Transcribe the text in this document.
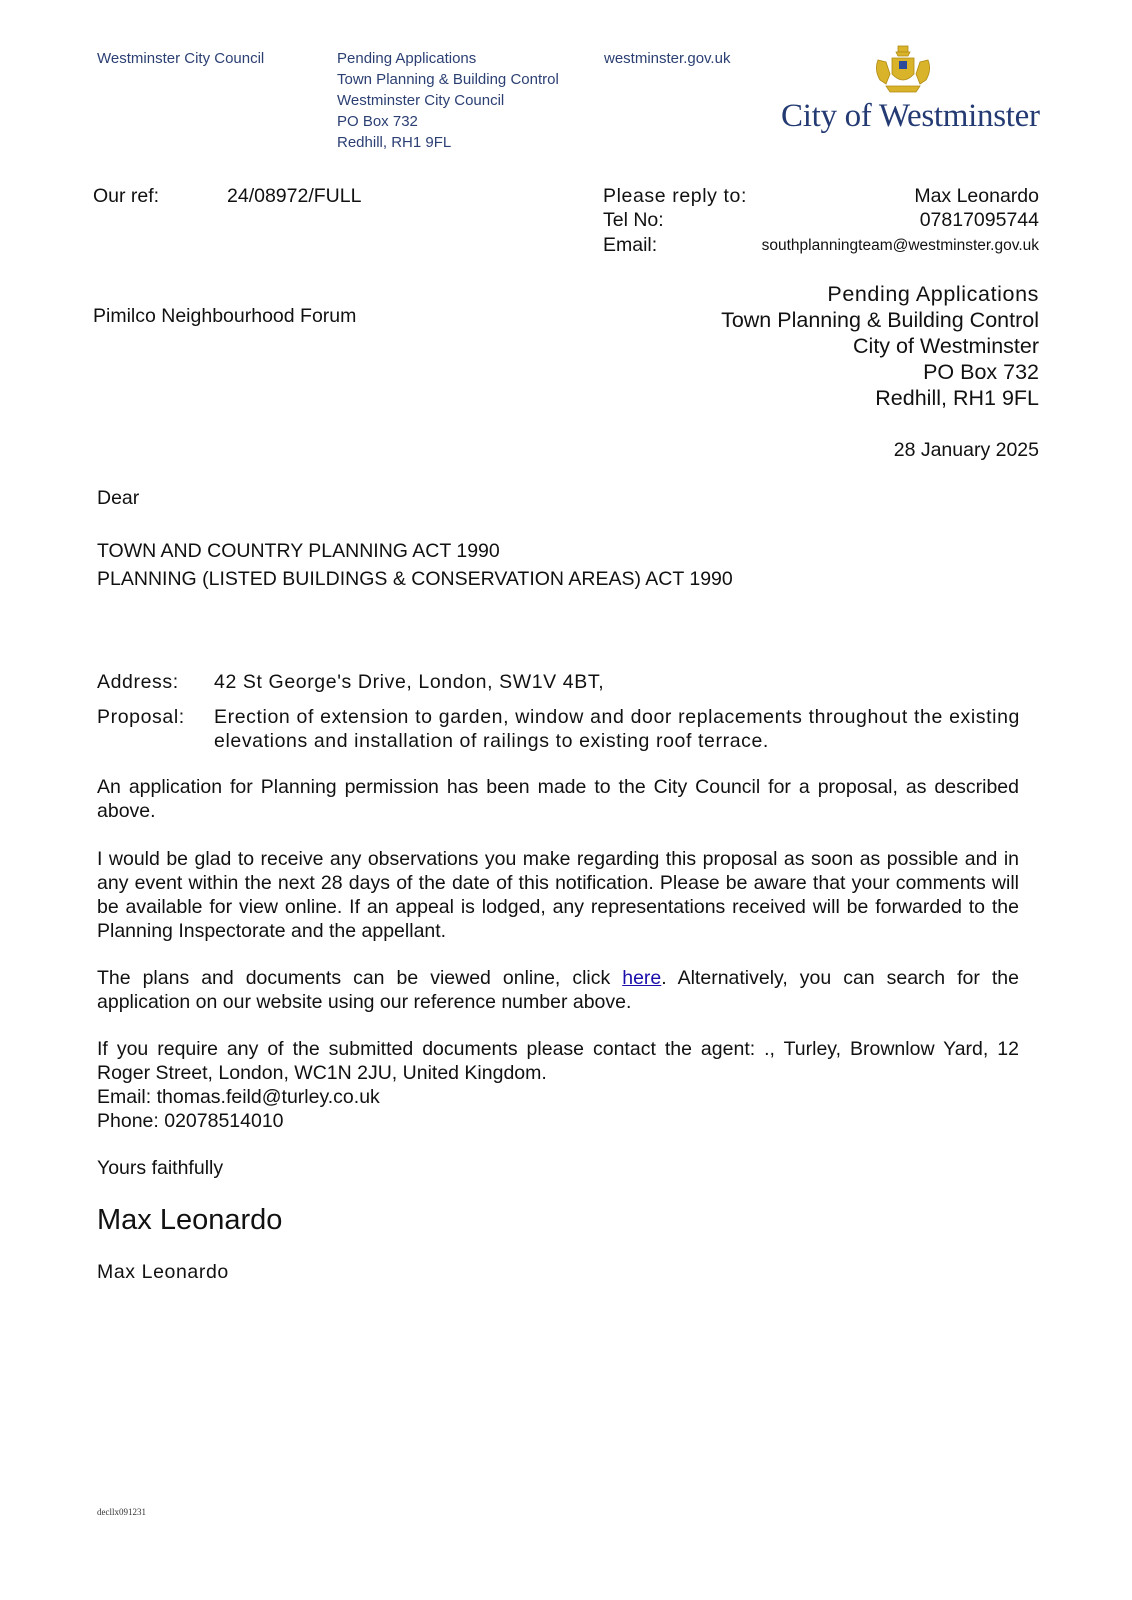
Westminster City Council	Pending Applications
Town Planning & Building Control
Westminster City Council
PO Box 732
Redhill, RH1 9FL
westminster.gov.uk
City of Westminster
Our ref:	24/08972/FULL	Please reply to:	Max Leonardo
Tel No:	07817095744
Email:	southplanningteam@westminster.gov.uk
Pimilco Neighbourhood Forum
Pending Applications
Town Planning & Building Control
City of Westminster
PO Box 732
Redhill, RH1 9FL
28 January 2025
Dear
TOWN AND COUNTRY PLANNING ACT 1990
PLANNING (LISTED BUILDINGS & CONSERVATION AREAS) ACT 1990
Address: 42 St George's Drive, London, SW1V 4BT,
Proposal: Erection of extension to garden, window and door replacements throughout the existing elevations and installation of railings to existing roof terrace.
An application for Planning permission has been made to the City Council for a proposal, as described above.
I would be glad to receive any observations you make regarding this proposal as soon as possible and in any event within the next 28 days of the date of this notification. Please be aware that your comments will be available for view online. If an appeal is lodged, any representations received will be forwarded to the Planning Inspectorate and the appellant.
The plans and documents can be viewed online, click here. Alternatively, you can search for the application on our website using our reference number above.

If you require any of the submitted documents please contact the agent: ., Turley, Brownlow Yard, 12 Roger Street, London, WC1N 2JU, United Kingdom.

Email: thomas.feild@turley.co.uk

Phone: 02078514010

Yours faithfully
Max Leonardo
Max Leonardo
decllx091231
